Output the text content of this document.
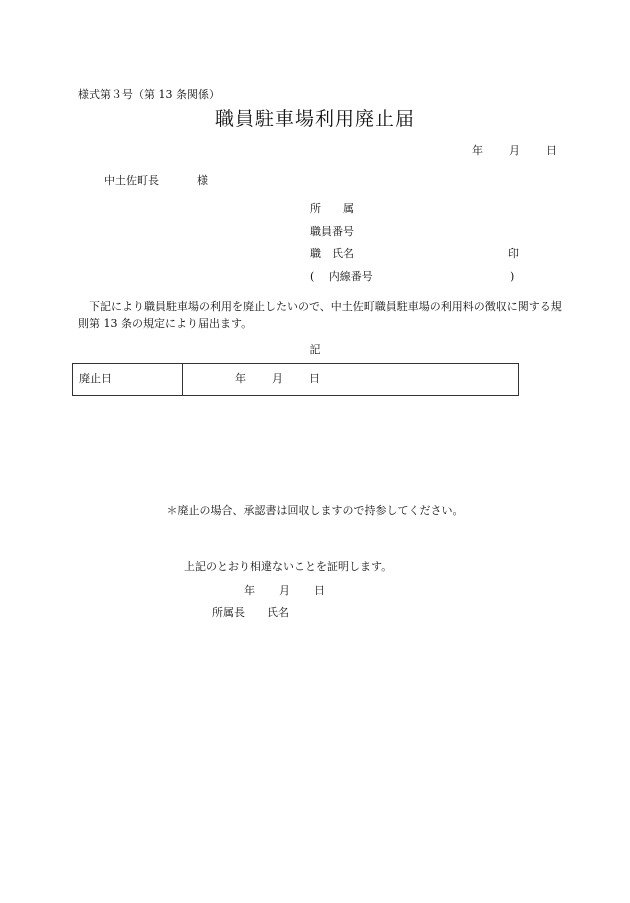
様式第３号（第 13 条関係）
職員駐車場利用廃止届
年 月 日
中土佐町長	様
所　　属
職員番号
職　氏名	印
(　 内線番号	)
下記により職員駐車場の利用を廃止したいので、中土佐町職員駐車場の利用料の徴収に関する規則第 13 条の規定により届出ます。
記
廃止日	年 月 日
＊廃止の場合、承認書は回収しますので持参してください。
上記のとおり相違ないことを証明します。
年 月 日
所属長 氏名
